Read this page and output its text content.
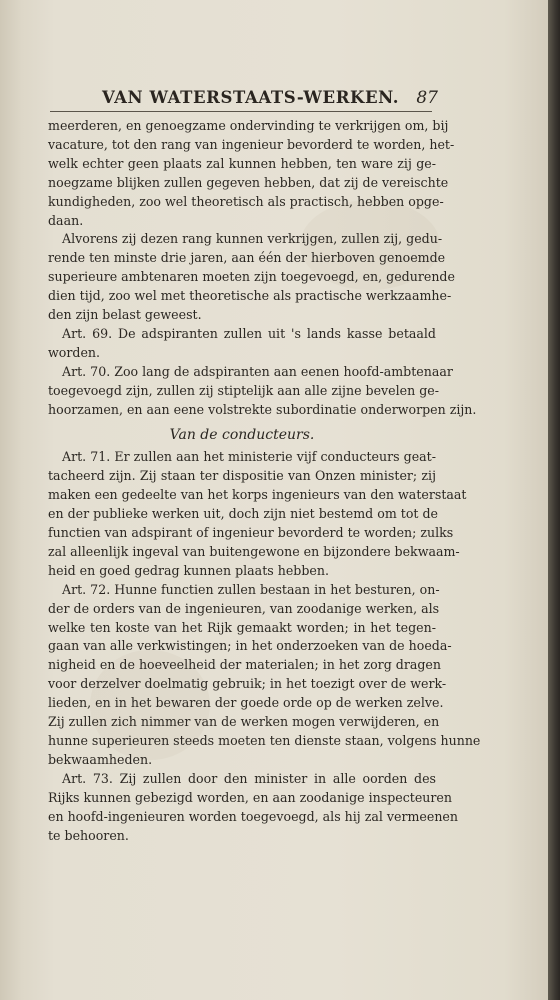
VAN WATERSTAATS-WERKEN. 87
meerderen, en genoegzame ondervinding te verkrijgen om, bij
vacature, tot den rang van ingenieur bevorderd te worden, het-
welk echter geen plaats zal kunnen hebben, ten ware zij ge-
noegzame blijken zullen gegeven hebben, dat zij de vereischte
kundigheden, zoo wel theoretisch als practisch, hebben opge-
daan.
Alvorens zij dezen rang kunnen verkrijgen, zullen zij, gedu-
rende ten minste drie jaren, aan één der hierboven genoemde
superieure ambtenaren moeten zijn toegevoegd, en, gedurende
dien tijd, zoo wel met theoretische als practische werkzaamhe-
den zijn belast geweest.
Art. 69. De adspiranten zullen uit 's lands kasse betaald
worden.
Art. 70. Zoo lang de adspiranten aan eenen hoofd-ambtenaar
toegevoegd zijn, zullen zij stiptelijk aan alle zijne bevelen ge-
hoorzamen, en aan eene volstrekte subordinatie onderworpen zijn.
Van de conducteurs.
Art. 71. Er zullen aan het ministerie vijf conducteurs geat-
tacheerd zijn. Zij staan ter dispositie van Onzen minister; zij
maken een gedeelte van het korps ingenieurs van den waterstaat
en der publieke werken uit, doch zijn niet bestemd om tot de
functien van adspirant of ingenieur bevorderd te worden; zulks
zal alleenlijk ingeval van buitengewone en bijzondere bekwaam-
heid en goed gedrag kunnen plaats hebben.
Art. 72. Hunne functien zullen bestaan in het besturen, on-
der de orders van de ingenieuren, van zoodanige werken, als
welke ten koste van het Rijk gemaakt worden; in het tegen-
gaan van alle verkwistingen; in het onderzoeken van de hoeda-
nigheid en de hoeveelheid der materialen; in het zorg dragen
voor derzelver doelmatig gebruik; in het toezigt over de werk-
lieden, en in het bewaren der goede orde op de werken zelve.
Zij zullen zich nimmer van de werken mogen verwijderen, en
hunne superieuren steeds moeten ten dienste staan, volgens hunne
bekwaamheden.
Art. 73. Zij zullen door den minister in alle oorden des
Rijks kunnen gebezigd worden, en aan zoodanige inspecteuren
en hoofd-ingenieuren worden toegevoegd, als hij zal vermeenen
te behooren.
